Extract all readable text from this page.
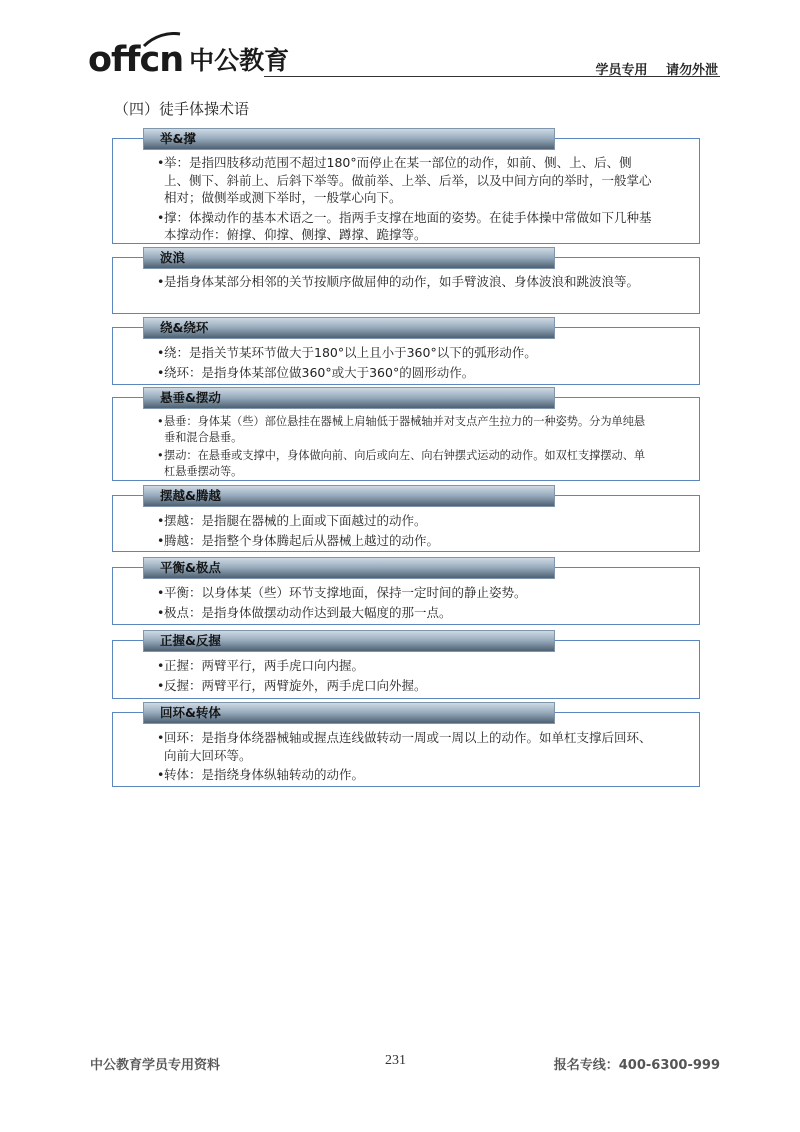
offcn 中公教育	学员专用 请勿外泄
（四）徒手体操术语
举&撑
• 举：是指四肢移动范围不超过180°而停止在某一部位的动作，如前、侧、上、后、侧上、侧下、斜前上、后斜下举等。做前举、上举、后举，以及中间方向的举时，一般掌心相对；做侧举或测下举时，一般掌心向下。
• 撑：体操动作的基本术语之一。指两手支撑在地面的姿势。在徒手体操中常做如下几种基本撑动作：俯撑、仰撑、侧撑、蹲撑、跪撑等。
波浪
• 是指身体某部分相邻的关节按顺序做屈伸的动作，如手臂波浪、身体波浪和跳波浪等。
绕&绕环
• 绕：是指关节某环节做大于180°以上且小于360°以下的弧形动作。
• 绕环：是指身体某部位做360°或大于360°的圆形动作。
悬垂&摆动
• 悬垂：身体某（些）部位悬挂在器械上肩轴低于器械轴并对支点产生拉力的一种姿势。分为单纯悬垂和混合悬垂。
• 摆动：在悬垂或支撑中，身体做向前、向后或向左、向右钟摆式运动的动作。如双杠支撑摆动、单杠悬垂摆动等。
摆越&腾越
• 摆越：是指腿在器械的上面或下面越过的动作。
• 腾越：是指整个身体腾起后从器械上越过的动作。
平衡&极点
• 平衡：以身体某（些）环节支撑地面，保持一定时间的静止姿势。
• 极点：是指身体做摆动动作达到最大幅度的那一点。
正握&反握
• 正握：两臂平行，两手虎口向内握。
• 反握：两臂平行，两臂旋外，两手虎口向外握。
回环&转体
• 回环：是指身体绕器械轴或握点连线做转动一周或一周以上的动作。如单杠支撑后回环、向前大回环等。
• 转体：是指绕身体纵轴转动的动作。
中公教育学员专用资料	231	报名专线：400-6300-999
